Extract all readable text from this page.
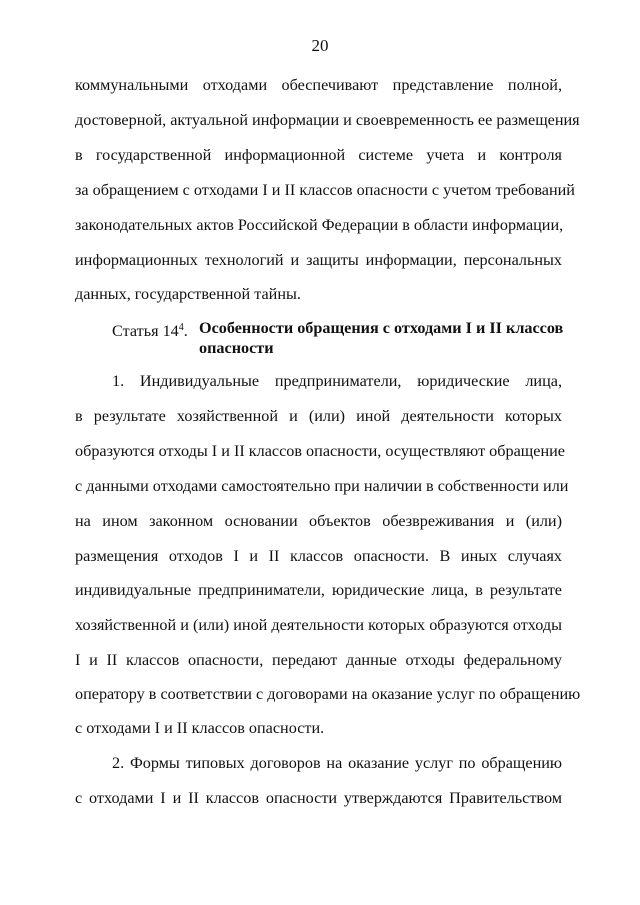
20
коммунальными отходами обеспечивают представление полной,
достоверной, актуальной информации и своевременность ее размещения
в государственной информационной системе учета и контроля
за обращением с отходами I и II классов опасности с учетом требований
законодательных актов Российской Федерации в области информации,
информационных технологий и защиты информации, персональных
данных, государственной тайны.
Статья $14^4$. Особенности обращения с отходами I и II классов
опасности
1. Индивидуальные предприниматели, юридические лица,
в результате хозяйственной и (или) иной деятельности которых
образуются отходы I и II классов опасности, осуществляют обращение
с данными отходами самостоятельно при наличии в собственности или
на ином законном основании объектов обезвреживания и (или)
размещения отходов I и II классов опасности. В иных случаях
индивидуальные предприниматели, юридические лица, в результате
хозяйственной и (или) иной деятельности которых образуются отходы
I и II классов опасности, передают данные отходы федеральному
оператору в соответствии с договорами на оказание услуг по обращению
с отходами I и II классов опасности.
2. Формы типовых договоров на оказание услуг по обращению
с отходами I и II классов опасности утверждаются Правительством
